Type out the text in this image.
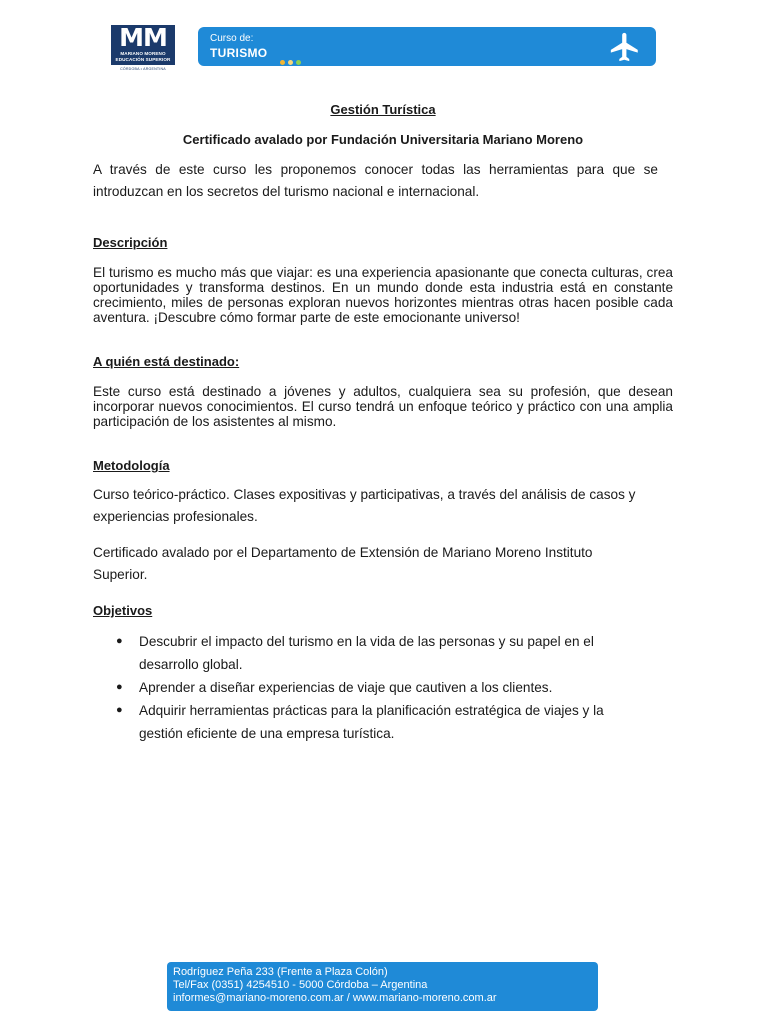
MM
MARIANO MORENO
EDUCACIÓN SUPERIOR
CÓRDOBA • ARGENTINA
Curso de:
TURISMO

Gestión Turística

Certificado avalado por Fundación Universitaria Mariano Moreno

A través de este curso les proponemos conocer todas las herramientas para que se introduzcan en los secretos del turismo nacional e internacional.

Descripción

El turismo es mucho más que viajar: es una experiencia apasionante que conecta culturas, crea oportunidades y transforma destinos. En un mundo donde esta industria está en constante crecimiento, miles de personas exploran nuevos horizontes mientras otras hacen posible cada aventura. ¡Descubre cómo formar parte de este emocionante universo!

A quién está destinado:

Este curso está destinado a jóvenes y adultos, cualquiera sea su profesión, que desean incorporar nuevos conocimientos. El curso tendrá un enfoque teórico y práctico con una amplia participación de los asistentes al mismo.

Metodología

Curso teórico-práctico. Clases expositivas y participativas, a través del análisis de casos y experiencias profesionales.

Certificado avalado por el Departamento de Extensión de Mariano Moreno Instituto Superior.

Objetivos

● Descubrir el impacto del turismo en la vida de las personas y su papel en el desarrollo global.
● Aprender a diseñar experiencias de viaje que cautiven a los clientes.
● Adquirir herramientas prácticas para la planificación estratégica de viajes y la gestión eficiente de una empresa turística.
Rodríguez Peña 233 (Frente a Plaza Colón)
Tel/Fax (0351) 4254510 - 5000 Córdoba – Argentina
informes@mariano-moreno.com.ar / www.mariano-moreno.com.ar
